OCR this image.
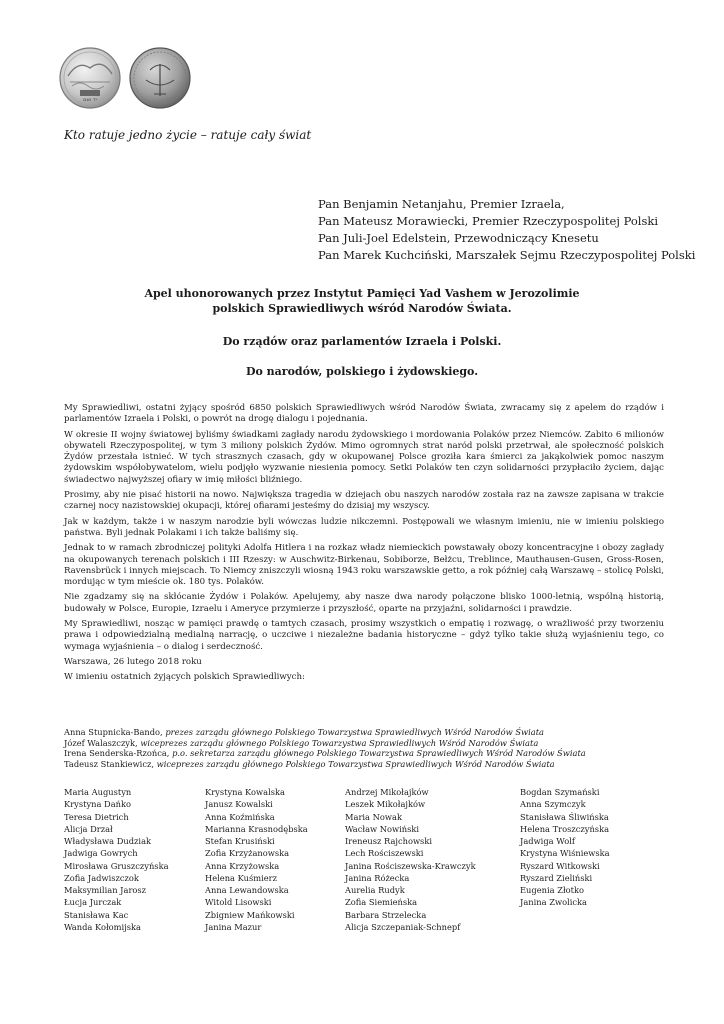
יד ושם
Kto ratuje jedno życie – ratuje cały świat
Pan Benjamin Netanjahu, Premier Izraela,
Pan Mateusz Morawiecki, Premier Rzeczypospolitej Polski
Pan Juli-Joel Edelstein, Przewodniczący Knesetu
Pan Marek Kuchciński, Marszałek Sejmu Rzeczypospolitej Polski
Apel uhonorowanych przez Instytut Pamięci Yad Vashem w Jerozolimie
polskich Sprawiedliwych wśród Narodów Świata.
Do rządów oraz parlamentów Izraela i Polski.
Do narodów, polskiego i żydowskiego.

My Sprawiedliwi, ostatni żyjący spośród 6850 polskich Sprawiedliwych wśród Narodów Świata, zwracamy się z apelem do rządów i parlamentów Izraela i Polski, o powrót na drogę dialogu i pojednania.

W okresie II wojny światowej byliśmy świadkami zagłady narodu żydowskiego i mordowania Polaków przez Niemców. Zabito 6 milionów obywateli Rzeczypospolitej, w tym 3 miliony polskich Żydów. Mimo ogromnych strat naród polski przetrwał, ale społeczność polskich Żydów przestała istnieć. W tych strasznych czasach, gdy w okupowanej Polsce groziła kara śmierci za jakąkolwiek pomoc naszym żydowskim współobywatelom, wielu podjęło wyzwanie niesienia pomocy. Setki Polaków ten czyn solidarności przypłaciło życiem, dając świadectwo najwyższej ofiary w imię miłości bliźniego.

Prosimy, aby nie pisać historii na nowo. Największa tragedia w dziejach obu naszych narodów została raz na zawsze zapisana w trakcie czarnej nocy nazistowskiej okupacji, której ofiarami jesteśmy do dzisiaj my wszyscy.

Jak w każdym, także i w naszym narodzie byli wówczas ludzie nikczemni. Postępowali we własnym imieniu, nie w imieniu polskiego państwa. Byli jednak Polakami i ich także baliśmy się.

Jednak to w ramach zbrodniczej polityki Adolfa Hitlera i na rozkaz władz niemieckich powstawały obozy koncentracyjne i obozy zagłady na okupowanych terenach polskich i III Rzeszy: w Auschwitz-Birkenau, Sobiborze, Bełżcu, Treblince, Mauthausen-Gusen, Gross-Rosen, Ravensbrück i innych miejscach. To Niemcy zniszczyli wiosną 1943 roku warszawskie getto, a rok później całą Warszawę – stolicę Polski, mordując w tym mieście ok. 180 tys. Polaków.

Nie zgadzamy się na skłócanie Żydów i Polaków. Apelujemy, aby nasze dwa narody połączone blisko 1000-letnią, wspólną historią, budowały w Polsce, Europie, Izraelu i Ameryce przymierze i przyszłość, oparte na przyjaźni, solidarności i prawdzie.

My Sprawiedliwi, nosząc w pamięci prawdę o tamtych czasach, prosimy wszystkich o empatię i rozwagę, o wrażliwość przy tworzeniu prawa i odpowiedzialną medialną narrację, o uczciwe i niezależne badania historyczne – gdyż tylko takie służą wyjaśnieniu tego, co wymaga wyjaśnienia – o dialog i serdeczność.

Warszawa, 26 lutego 2018 roku

W imieniu ostatnich żyjących polskich Sprawiedliwych:

Anna Stupnicka-Bando, prezes zarządu głównego Polskiego Towarzystwa Sprawiedliwych Wśród Narodów Świata
Józef Walaszczyk, wiceprezes zarządu głównego Polskiego Towarzystwa Sprawiedliwych Wśród Narodów Świata
Irena Senderska-Rzońca, p.o. sekretarza zarządu głównego Polskiego Towarzystwa Sprawiedliwych Wśród Narodów Świata
Tadeusz Stankiewicz, wiceprezes zarządu głównego Polskiego Towarzystwa Sprawiedliwych Wśród Narodów Świata
Maria Augustyn
Krystyna Dańko
Teresa Dietrich
Alicja Drzał
Władysława Dudziak
Jadwiga Gowrych
Mirosława Gruszczyńska
Zofia Jadwiszczok
Maksymilian Jarosz
Łucja Jurczak
Stanisława Kac
Wanda Kołomijska
Krystyna Kowalska
Janusz Kowalski
Anna Koźmińska
Marianna Krasnodębska
Stefan Krusiński
Zofia Krzyżanowska
Anna Krzyżowska
Helena Kuśmierz
Anna Lewandowska
Witold Lisowski
Zbigniew Mańkowski
Janina Mazur
Andrzej Mikołajków
Leszek Mikołajków
Maria Nowak
Wacław Nowiński
Ireneusz Rajchowski
Lech Rościszewski
Janina Rościszewska-Krawczyk
Janina Różecka
Aurelia Rudyk
Zofia Siemieńska
Barbara Strzelecka
Alicja Szczepaniak-Schnepf
Bogdan Szymański
Anna Szymczyk
Stanisława Śliwińska
Helena Troszczyńska
Jadwiga Wolf
Krystyna Wiśniewska
Ryszard Witkowski
Ryszard Zieliński
Eugenia Złotko
Janina Zwolicka
